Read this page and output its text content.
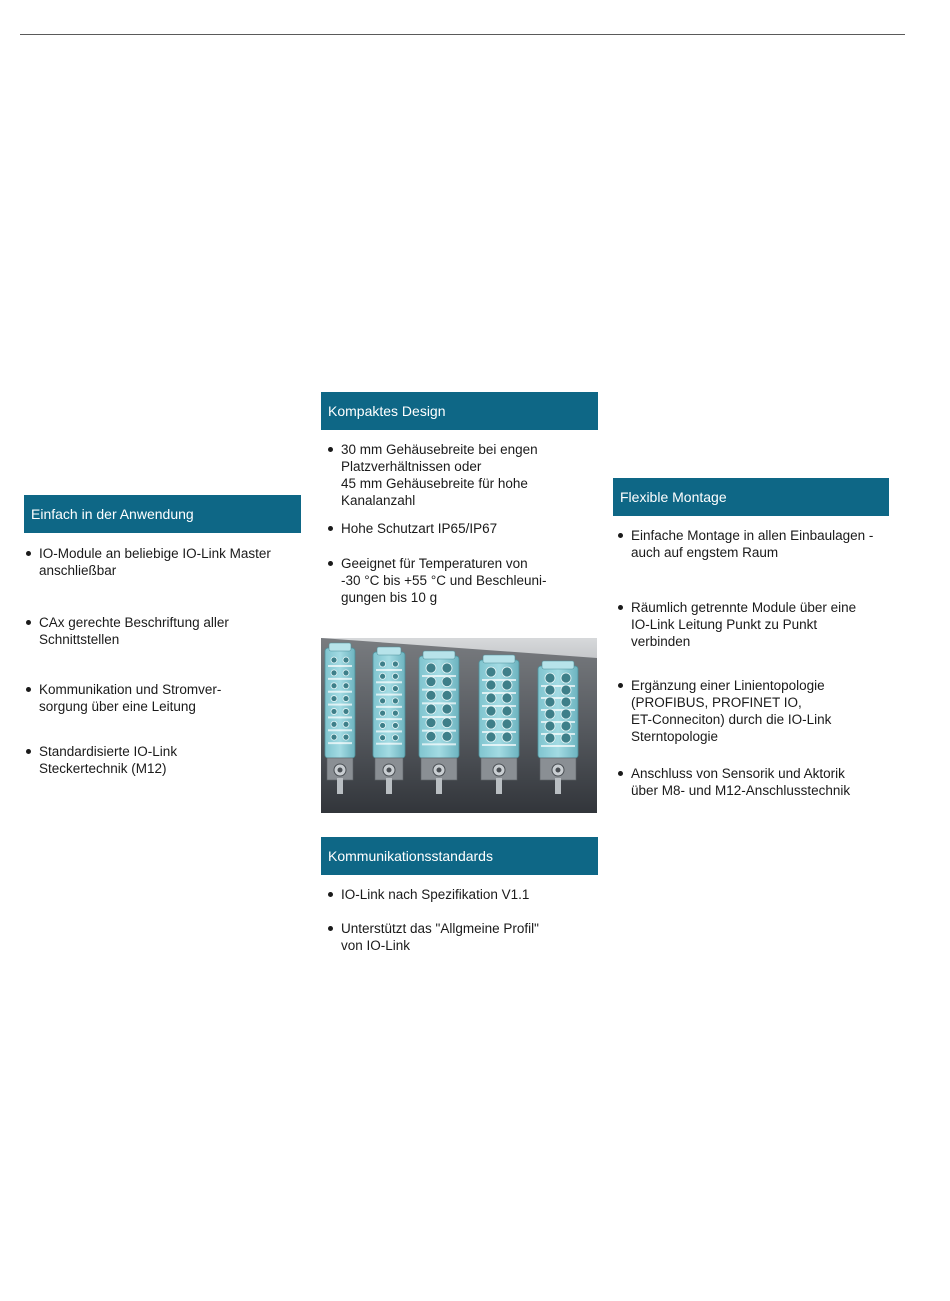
Kompaktes Design
30 mm Gehäusebreite bei engen
Platzverhältnissen oder
45 mm Gehäusebreite für hohe
Kanalanzahl
Hohe Schutzart IP65/IP67
Geeignet für Temperaturen von
-30 °C bis +55 °C und Beschleuni-
gungen bis 10 g
Einfach in der Anwendung
IO-Module an beliebige IO-Link Master
anschließbar
CAx gerechte Beschriftung aller
Schnittstellen
Kommunikation und Stromver-
sorgung über eine Leitung
Standardisierte IO-Link
Steckertechnik (M12)
Flexible Montage
Einfache Montage in allen Einbaulagen -
auch auf engstem Raum
Räumlich getrennte Module über eine
IO-Link Leitung Punkt zu Punkt
verbinden
Ergänzung einer Linientopologie
(PROFIBUS, PROFINET IO,
ET-Conneciton) durch die IO-Link
Sterntopologie
Anschluss von Sensorik und Aktorik
über M8- und M12-Anschlusstechnik
Kommunikationsstandards
IO-Link nach Spezifikation V1.1
Unterstützt das "Allgmeine Profil"
von IO-Link
